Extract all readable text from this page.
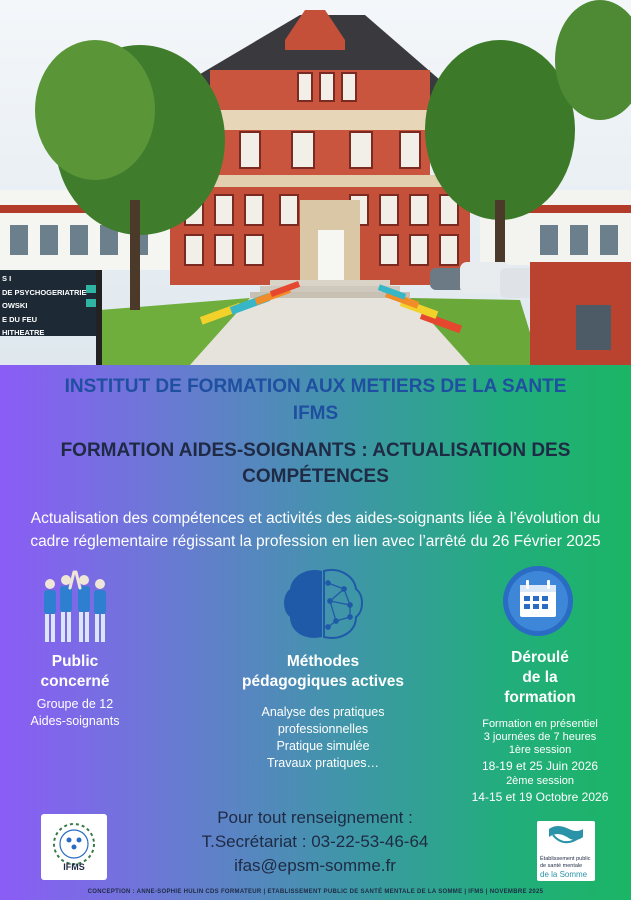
S I
DE PSYCHOGERIATRIE
OWSKI
E DU FEU
HITHEATRE
INSTITUT DE FORMATION AUX METIERS DE LA SANTE
IFMS
FORMATION AIDES-SOIGNANTS : ACTUALISATION DES COMPÉTENCES
Actualisation des compétences et activités des aides-soignants liée à l’évolution du cadre réglementaire régissant la profession en lien avec l’arrêté du 26 Février 2025
Public
concerné
Groupe de 12
Aides-soignants
Méthodes
pédagogiques actives
Analyse des pratiques
professionnelles
Pratique simulée
Travaux pratiques…
Déroulé
de la
formation
Formation en présentiel
3 journées de 7 heures
1ère session
18-19 et 25 Juin 2026
2ème session
14-15 et 19 Octobre 2026
Pour tout renseignement :
T.Secrétariat : 03-22-53-46-64
ifas@epsm-somme.fr
IFMS
Établissement public
de santé mentale
de la Somme
CONCEPTION : ANNE-SOPHIE HULIN CDS FORMATEUR | ETABLISSEMENT PUBLIC DE SANTÉ MENTALE DE LA SOMME | IFMS | NOVEMBRE 2025
